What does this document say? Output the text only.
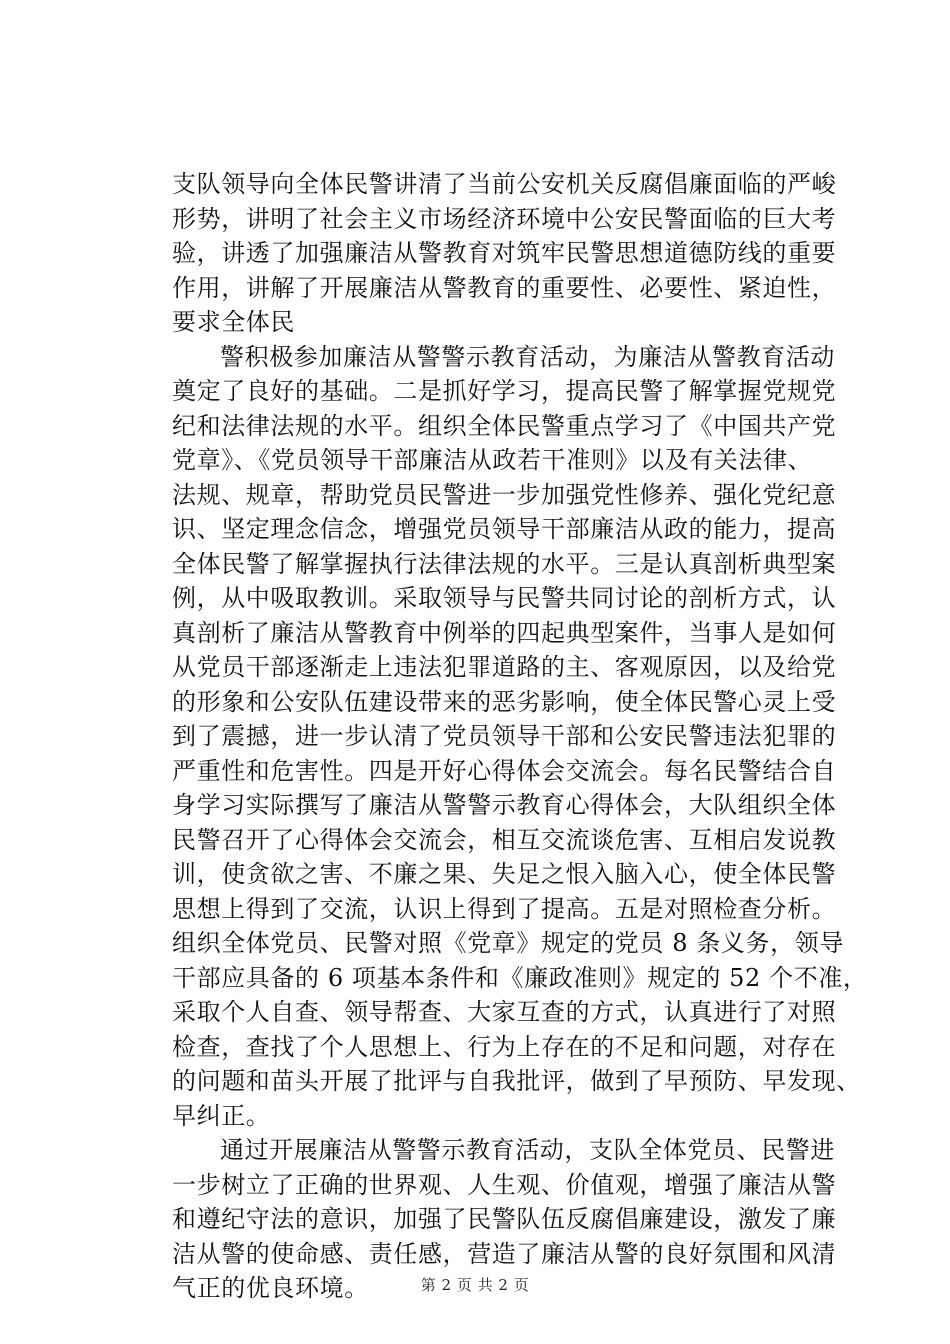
支队领导向全体民警讲清了当前公安机关反腐倡廉面临的严峻
形势，讲明了社会主义市场经济环境中公安民警面临的巨大考
验，讲透了加强廉洁从警教育对筑牢民警思想道德防线的重要
作用，讲解了开展廉洁从警教育的重要性、必要性、紧迫性，
要求全体民
警积极参加廉洁从警警示教育活动，为廉洁从警教育活动
奠定了良好的基础。二是抓好学习，提高民警了解掌握党规党
纪和法律法规的水平。组织全体民警重点学习了《中国共产党
党章》、《党员领导干部廉洁从政若干准则》以及有关法律、
法规、规章，帮助党员民警进一步加强党性修养、强化党纪意
识、坚定理念信念，增强党员领导干部廉洁从政的能力，提高
全体民警了解掌握执行法律法规的水平。三是认真剖析典型案
例，从中吸取教训。采取领导与民警共同讨论的剖析方式，认
真剖析了廉洁从警教育中例举的四起典型案件，当事人是如何
从党员干部逐渐走上违法犯罪道路的主、客观原因，以及给党
的形象和公安队伍建设带来的恶劣影响，使全体民警心灵上受
到了震撼，进一步认清了党员领导干部和公安民警违法犯罪的
严重性和危害性。四是开好心得体会交流会。每名民警结合自
身学习实际撰写了廉洁从警警示教育心得体会，大队组织全体
民警召开了心得体会交流会，相互交流谈危害、互相启发说教
训，使贪欲之害、不廉之果、失足之恨入脑入心，使全体民警
思想上得到了交流，认识上得到了提高。五是对照检查分析。
组织全体党员、民警对照《党章》规定的党员 8 条义务，领导
干部应具备的 6 项基本条件和《廉政准则》规定的 52 个不准，
采取个人自查、领导帮查、大家互查的方式，认真进行了对照
检查，查找了个人思想上、行为上存在的不足和问题，对存在
的问题和苗头开展了批评与自我批评，做到了早预防、早发现、
早纠正。
通过开展廉洁从警警示教育活动，支队全体党员、民警进
一步树立了正确的世界观、人生观、价值观，增强了廉洁从警
和遵纪守法的意识，加强了民警队伍反腐倡廉建设，激发了廉
洁从警的使命感、责任感，营造了廉洁从警的良好氛围和风清
气正的优良环境。	第 2 页 共 2 页
